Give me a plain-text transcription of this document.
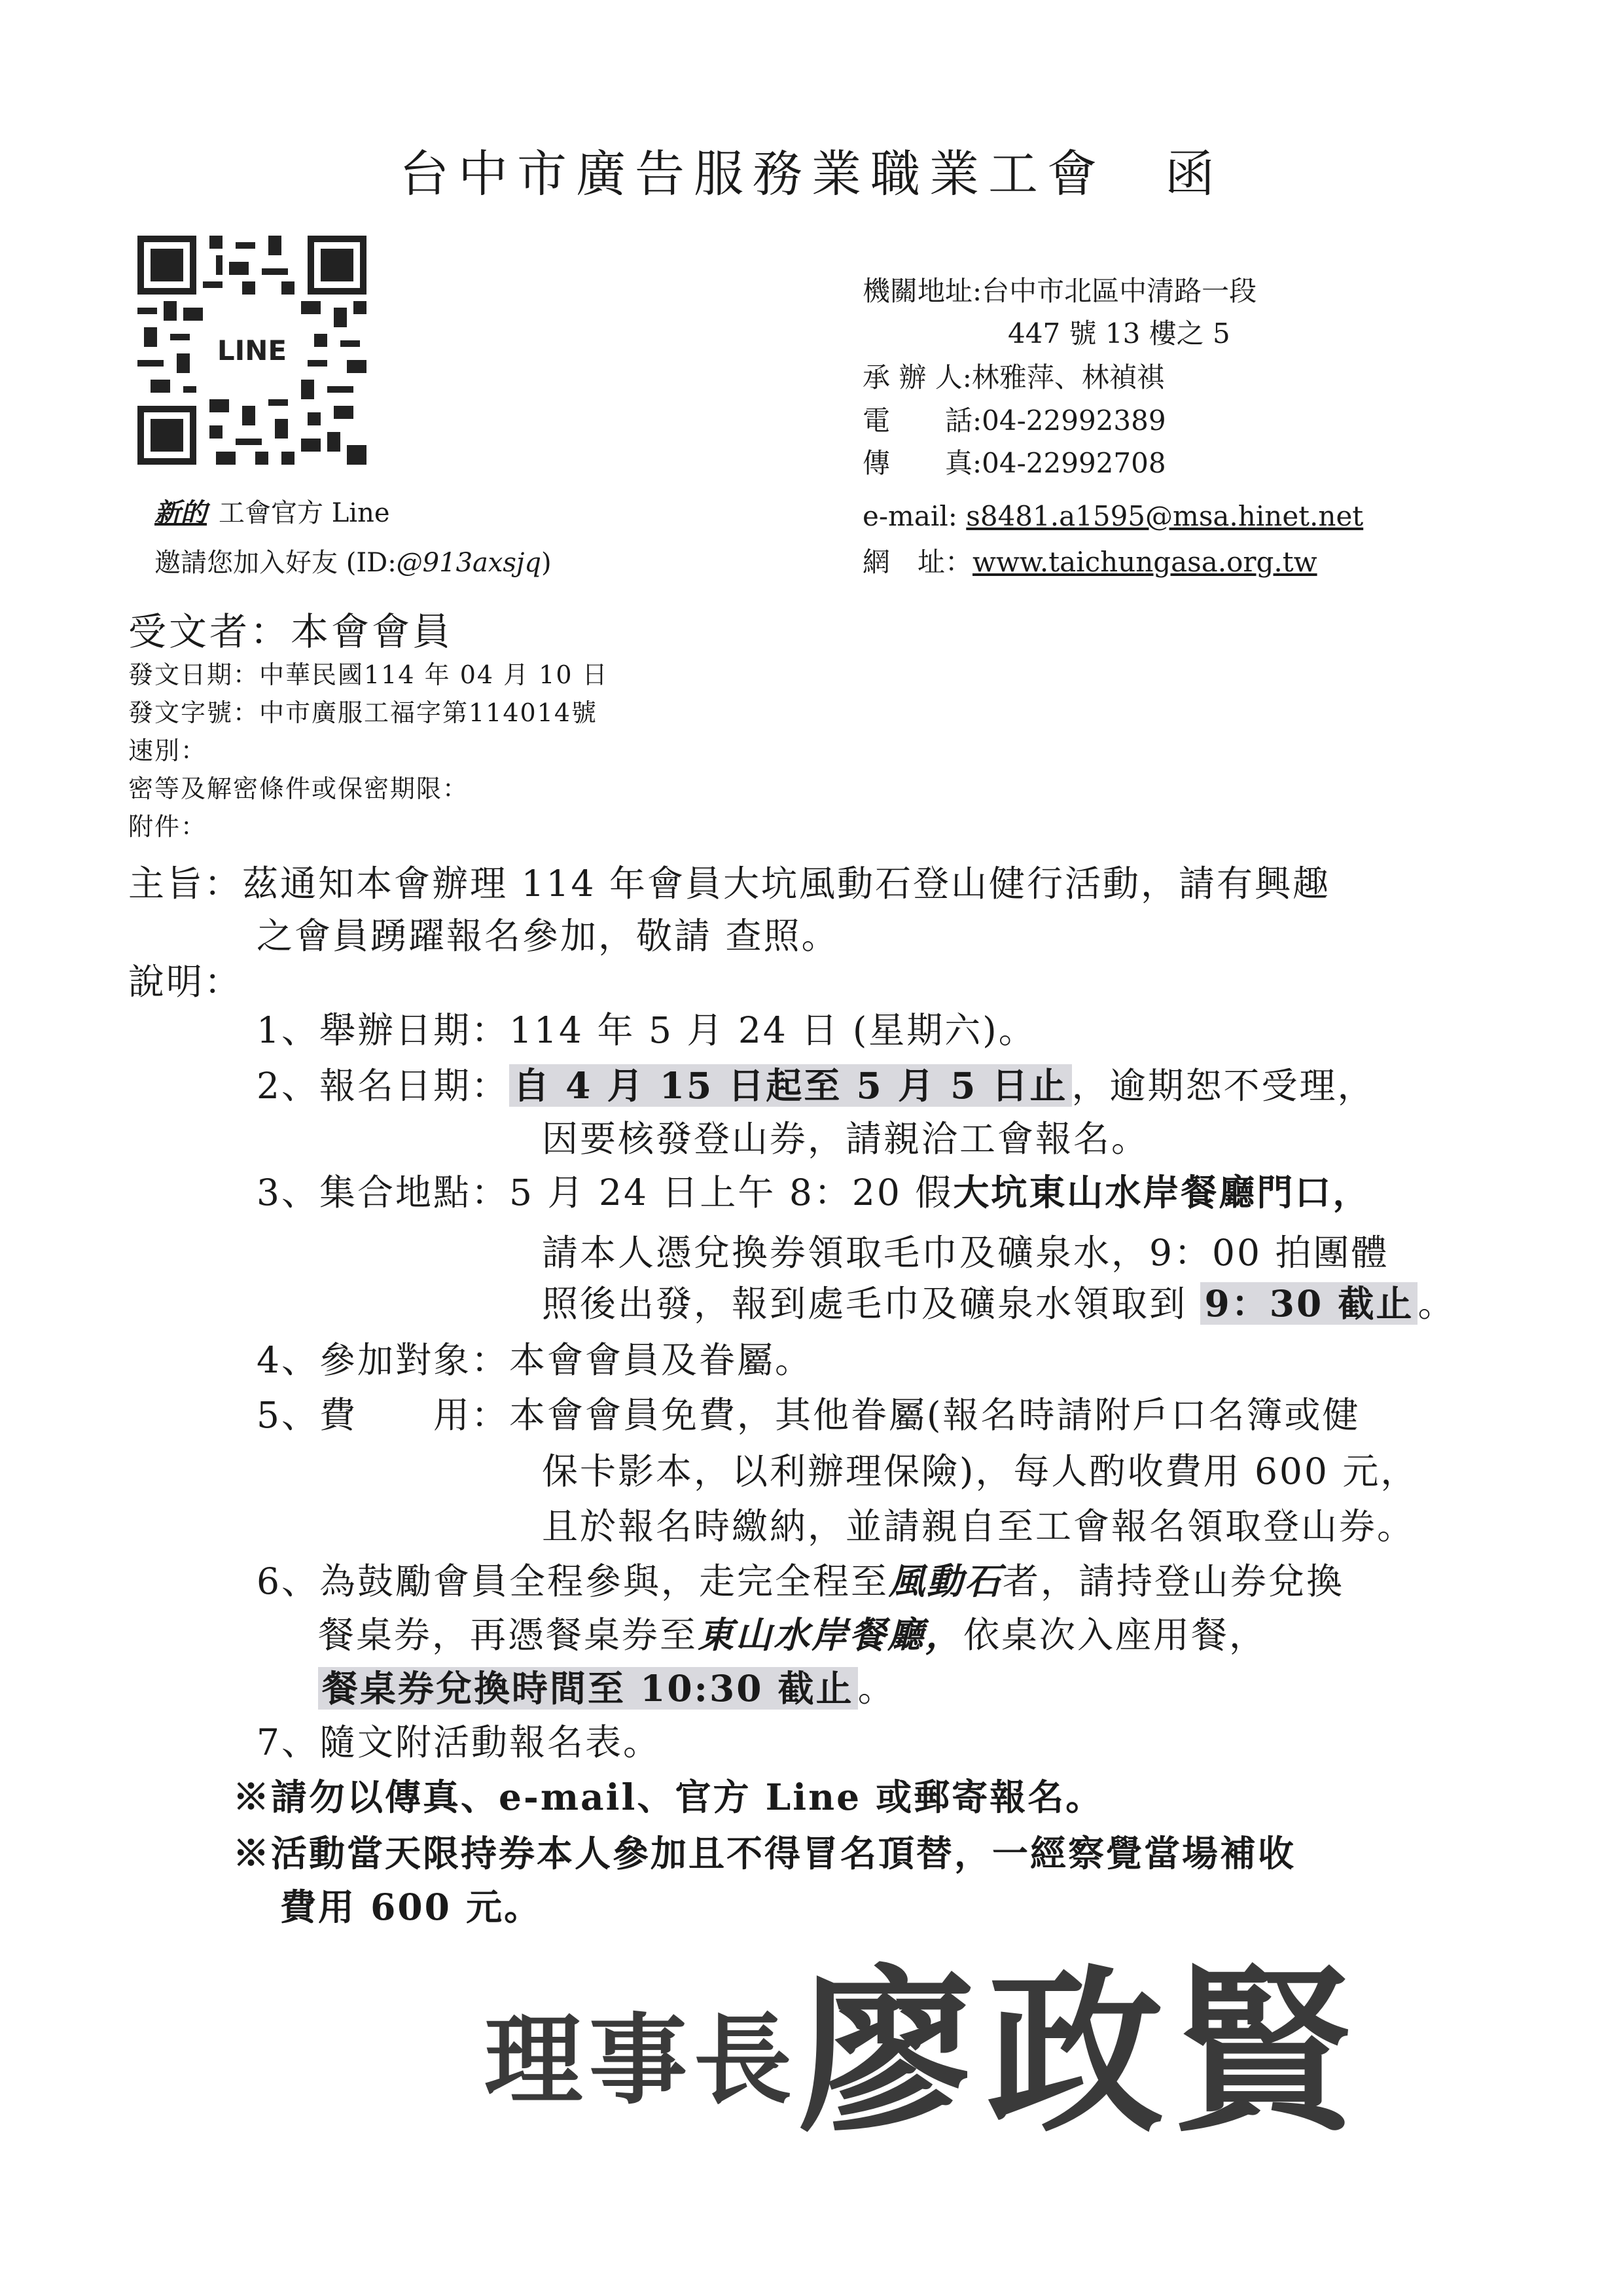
台中市廣告服務業職業工會 函
LINE
新的 工會官方 Line
邀請您加入好友 (ID:@913axsjq)
機關地址:台中市北區中清路一段
447 號 13 樓之 5
承 辦 人:林雅萍、林禎祺
電　　話:04-22992389
傳　　真:04-22992708
e-mail: s8481.a1595@msa.hinet.net
網　址：www.taichungasa.org.tw
受文者：本會會員
發文日期：中華民國114 年 04 月 10 日
發文字號：中市廣服工福字第114014號
速別：
密等及解密條件或保密期限：
附件：
主旨：茲通知本會辦理 114 年會員大坑風動石登山健行活動，請有興趣
之會員踴躍報名參加，敬請 查照。
說明：
1、舉辦日期：114 年 5 月 24 日 (星期六)。
2、報名日期： 自 4 月 15 日起至 5 月 5 日止 ，逾期恕不受理，
因要核發登山券，請親洽工會報名。
3、集合地點：5 月 24 日上午 8：20 假大坑東山水岸餐廳門口，
請本人憑兌換券領取毛巾及礦泉水，9：00 拍團體
照後出發，報到處毛巾及礦泉水領取到 9：30 截止 。
4、參加對象：本會會員及眷屬。
5、費　　用：本會會員免費，其他眷屬(報名時請附戶口名簿或健
保卡影本，以利辦理保險)，每人酌收費用 600 元，
且於報名時繳納，並請親自至工會報名領取登山券。
6、為鼓勵會員全程參與，走完全程至風動石者，請持登山券兌換
餐桌券，再憑餐桌券至東山水岸餐廳，依桌次入座用餐，
餐桌券兌換時間至 10:30 截止 。
7、隨文附活動報名表。
※請勿以傳真、e-mail、官方 Line 或郵寄報名。
※活動當天限持券本人參加且不得冒名頂替，一經察覺當場補收
費用 600 元。
理事長廖政賢
